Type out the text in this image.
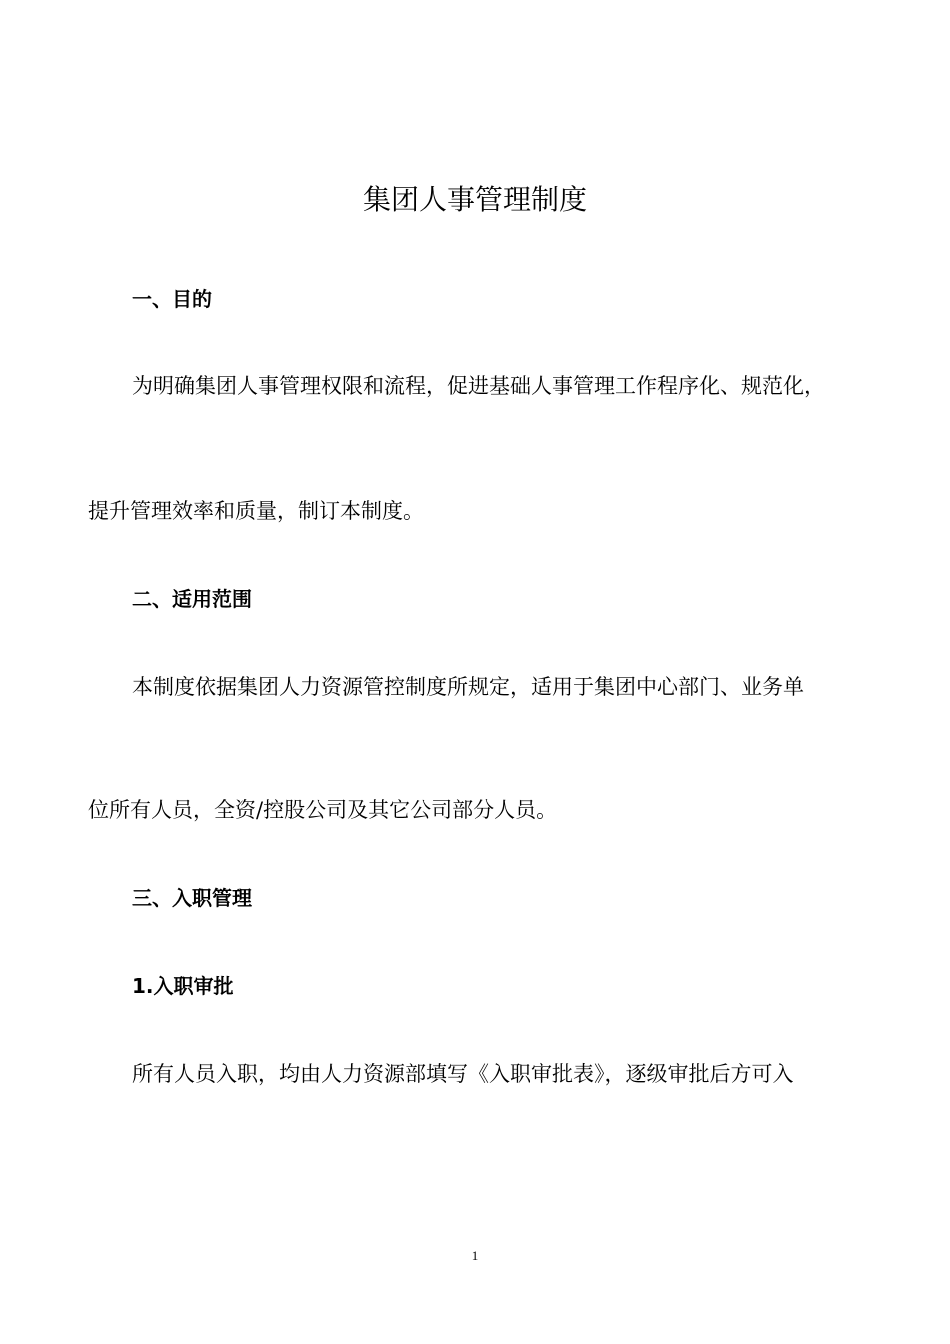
集团人事管理制度
一、目的
为明确集团人事管理权限和流程，促进基础人事管理工作程序化、规范化，
提升管理效率和质量，制订本制度。
二、适用范围
本制度依据集团人力资源管控制度所规定，适用于集团中心部门、业务单
位所有人员，全资/控股公司及其它公司部分人员。
三、入职管理
1.入职审批
所有人员入职，均由人力资源部填写《入职审批表》，逐级审批后方可入
1
